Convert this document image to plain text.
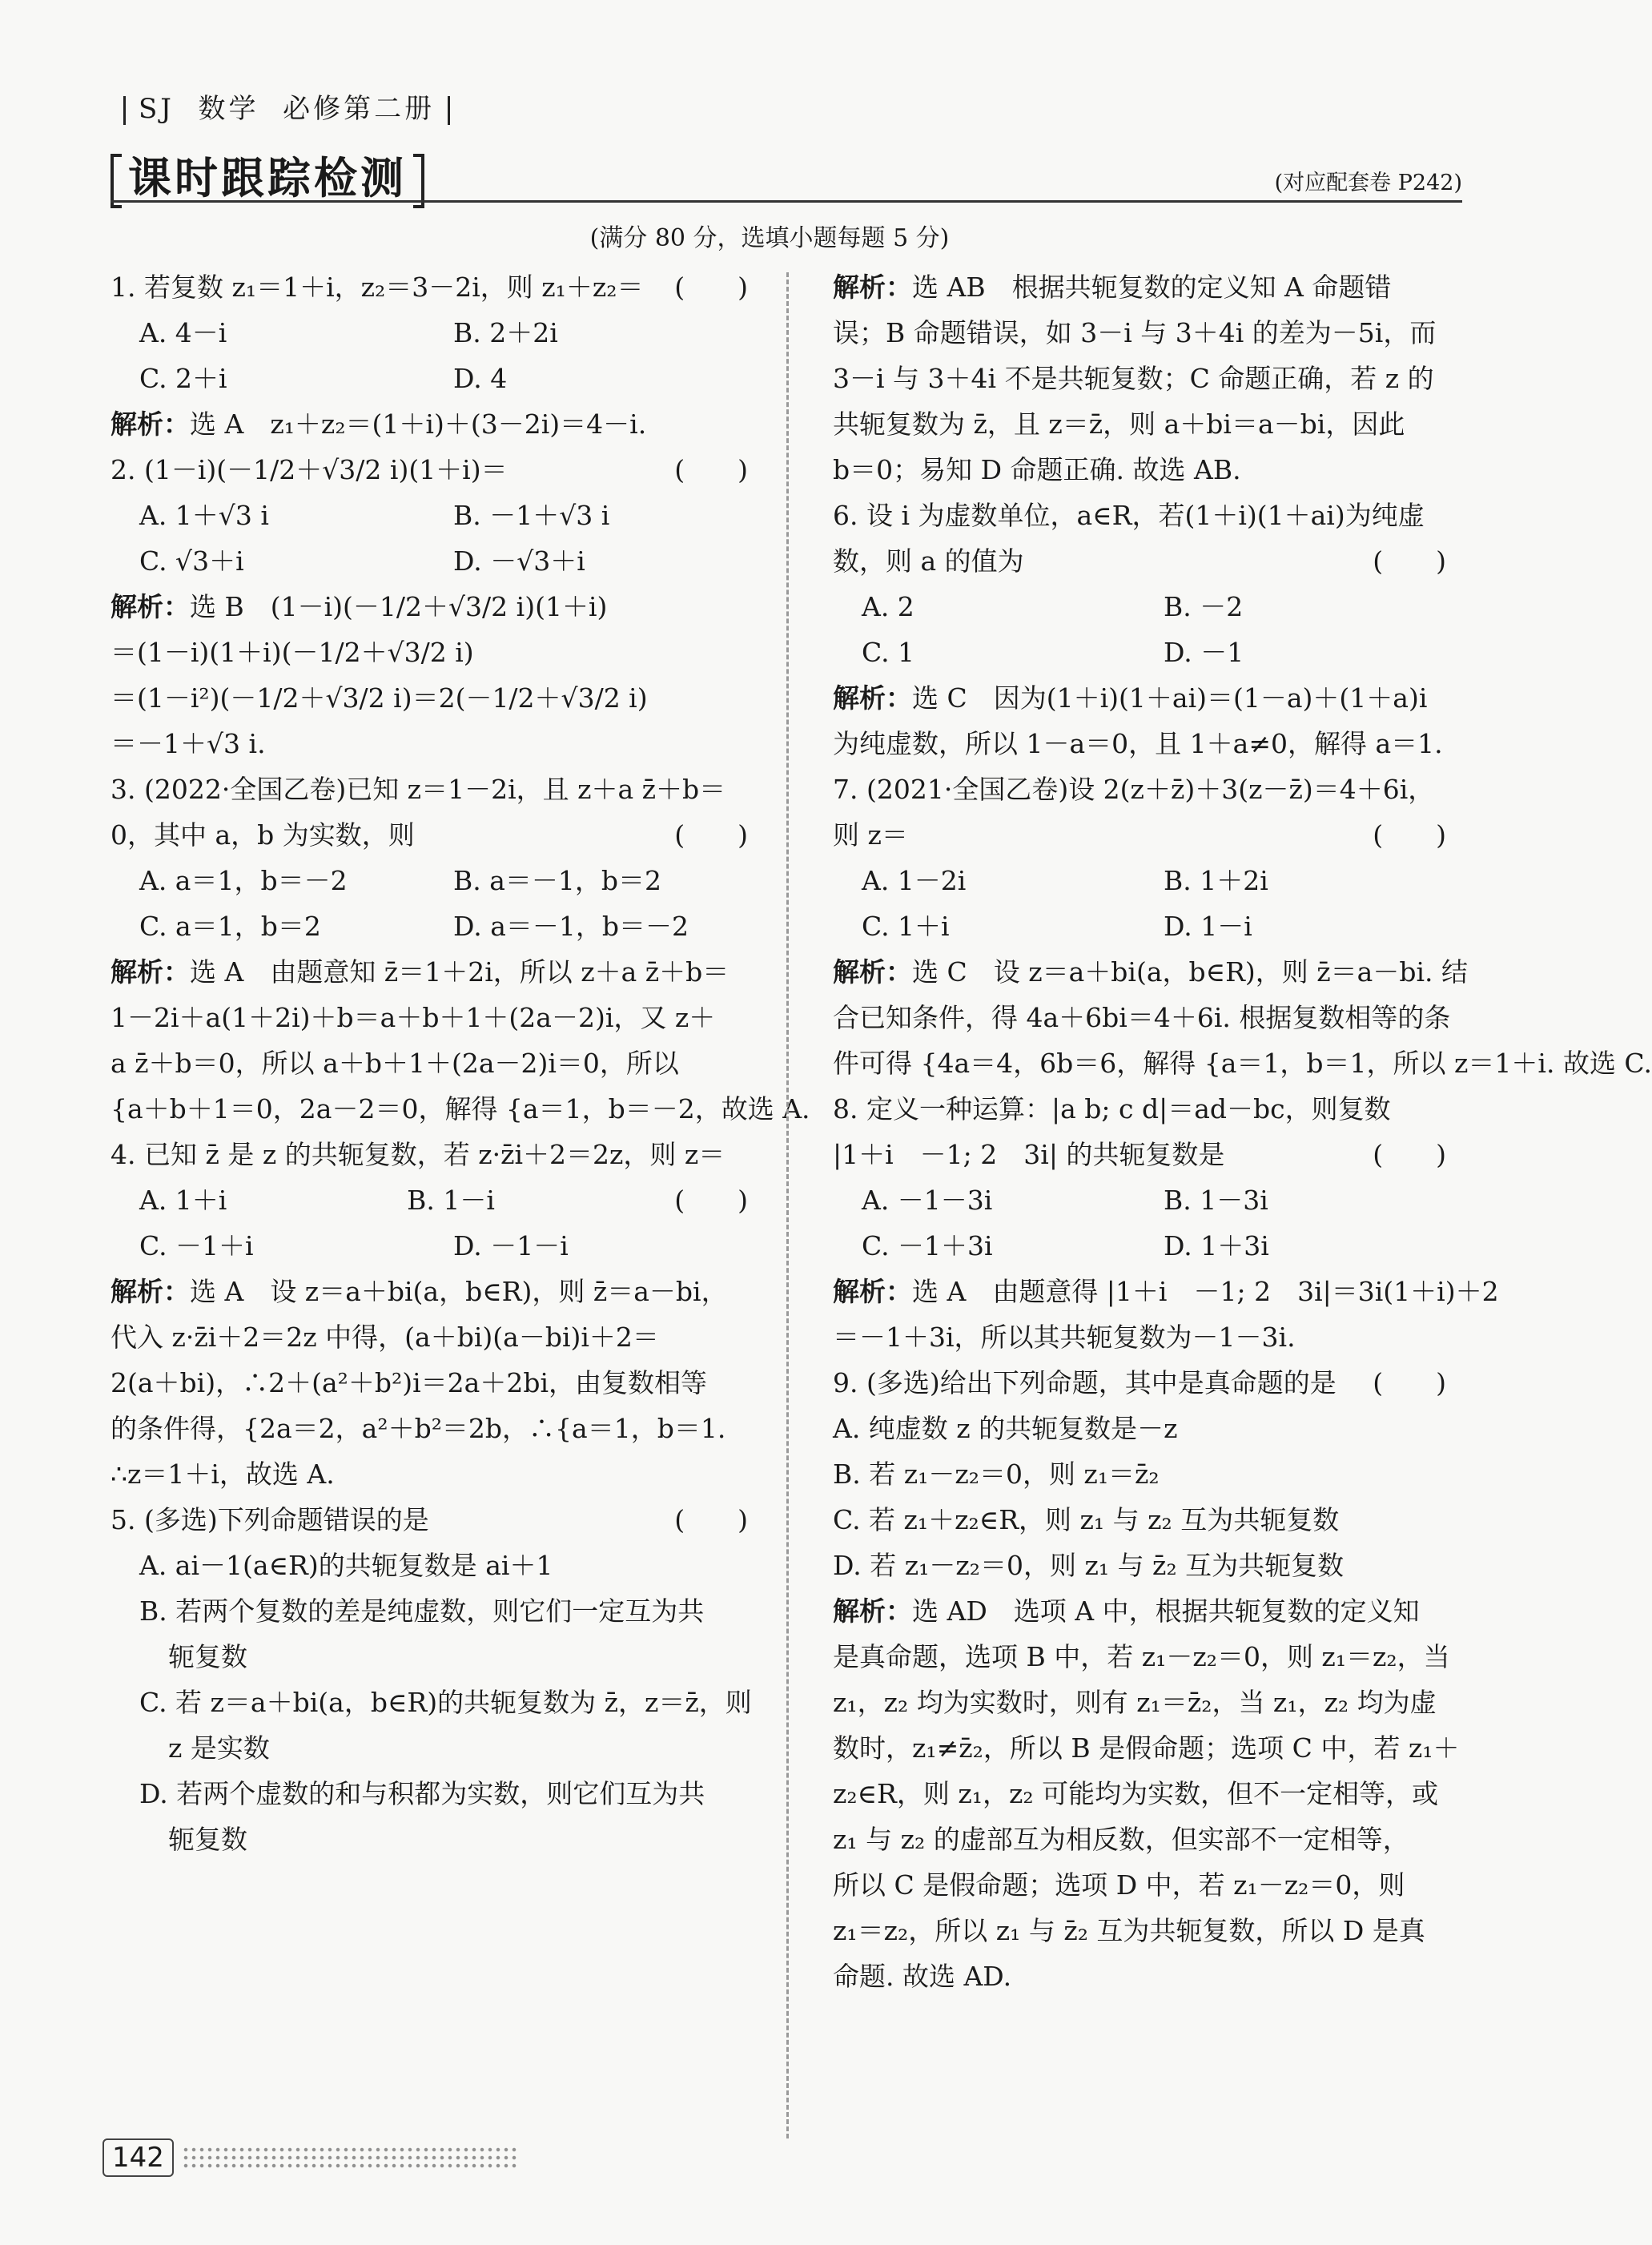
SJ 数学 必修第二册
课时跟踪检测	(对应配套卷 P242)
(满分 80 分，选填小题每题 5 分)
1. 若复数 z₁＝1＋i，z₂＝3－2i，则 z₁＋z₂＝ (　　)
A. 4－i	B. 2＋2i
C. 2＋i	D. 4
解析：选 A　z₁＋z₂＝(1＋i)＋(3－2i)＝4－i.
2. (1－i)(－1/2＋√3/2 i)(1＋i)＝	(　　)
A. 1＋√3 i	B. －1＋√3 i
C. √3＋i	D. －√3＋i
解析：选 B　(1－i)(－1/2＋√3/2 i)(1＋i)
＝(1－i)(1＋i)(－1/2＋√3/2 i)
＝(1－i²)(－1/2＋√3/2 i)＝2(－1/2＋√3/2 i)
＝－1＋√3 i.
3. (2022·全国乙卷)已知 z＝1－2i，且 z＋a z̄＋b＝
0，其中 a，b 为实数，则	(　　)
A. a＝1，b＝－2	B. a＝－1，b＝2
C. a＝1，b＝2	D. a＝－1，b＝－2
解析：选 A　由题意知 z̄＝1＋2i，所以 z＋a z̄＋b＝
1－2i＋a(1＋2i)＋b＝a＋b＋1＋(2a－2)i，又 z＋
a z̄＋b＝0，所以 a＋b＋1＋(2a－2)i＝0，所以
{a＋b＋1＝0，2a－2＝0，解得 {a＝1，b＝－2，故选 A.
4. 已知 z̄ 是 z 的共轭复数，若 z·z̄i＋2＝2z，则 z＝
(　　)
A. 1＋i	B. 1－i
C. －1＋i	D. －1－i
解析：选 A　设 z＝a＋bi(a，b∈R)，则 z̄＝a－bi，
代入 z·z̄i＋2＝2z 中得，(a＋bi)(a－bi)i＋2＝
2(a＋bi)，∴2＋(a²＋b²)i＝2a＋2bi，由复数相等
的条件得，{2a＝2，a²＋b²＝2b，∴{a＝1，b＝1.
∴z＝1＋i，故选 A.
5. (多选)下列命题错误的是	(　　)
A. ai－1(a∈R)的共轭复数是 ai＋1
B. 若两个复数的差是纯虚数，则它们一定互为共
轭复数
C. 若 z＝a＋bi(a，b∈R)的共轭复数为 z̄，z＝z̄，则
z 是实数
D. 若两个虚数的和与积都为实数，则它们互为共
轭复数
解析：选 AB　根据共轭复数的定义知 A 命题错
误；B 命题错误，如 3－i 与 3＋4i 的差为－5i，而
3－i 与 3＋4i 不是共轭复数；C 命题正确，若 z 的
共轭复数为 z̄，且 z＝z̄，则 a＋bi＝a－bi，因此
b＝0；易知 D 命题正确. 故选 AB.
6. 设 i 为虚数单位，a∈R，若(1＋i)(1＋ai)为纯虚
数，则 a 的值为	(　　)
A. 2	B. －2
C. 1	D. －1
解析：选 C　因为(1＋i)(1＋ai)＝(1－a)＋(1＋a)i
为纯虚数，所以 1－a＝0，且 1＋a≠0，解得 a＝1.
7. (2021·全国乙卷)设 2(z＋z̄)＋3(z－z̄)＝4＋6i，
则 z＝	(　　)
A. 1－2i	B. 1＋2i
C. 1＋i	D. 1－i
解析：选 C　设 z＝a＋bi(a，b∈R)，则 z̄＝a－bi. 结
合已知条件，得 4a＋6bi＝4＋6i. 根据复数相等的条
件可得 {4a＝4，6b＝6，解得 {a＝1，b＝1，所以 z＝1＋i. 故选 C.
8. 定义一种运算：|a b; c d|＝ad－bc，则复数
|1＋i　－1; 2　3i| 的共轭复数是	(　　)
A. －1－3i	B. 1－3i
C. －1＋3i	D. 1＋3i
解析：选 A　由题意得 |1＋i　－1; 2　3i|＝3i(1＋i)＋2
＝－1＋3i，所以其共轭复数为－1－3i.
9. (多选)给出下列命题，其中是真命题的是 (　　)
A. 纯虚数 z 的共轭复数是－z
B. 若 z₁－z₂＝0，则 z₁＝z̄₂
C. 若 z₁＋z₂∈R，则 z₁ 与 z₂ 互为共轭复数
D. 若 z₁－z₂＝0，则 z₁ 与 z̄₂ 互为共轭复数
解析：选 AD　选项 A 中，根据共轭复数的定义知
是真命题，选项 B 中，若 z₁－z₂＝0，则 z₁＝z₂，当
z₁，z₂ 均为实数时，则有 z₁＝z̄₂，当 z₁，z₂ 均为虚
数时，z₁≠z̄₂，所以 B 是假命题；选项 C 中，若 z₁＋
z₂∈R，则 z₁，z₂ 可能均为实数，但不一定相等，或
z₁ 与 z₂ 的虚部互为相反数，但实部不一定相等，
所以 C 是假命题；选项 D 中，若 z₁－z₂＝0，则
z₁＝z₂，所以 z₁ 与 z̄₂ 互为共轭复数，所以 D 是真
命题. 故选 AD.
142
